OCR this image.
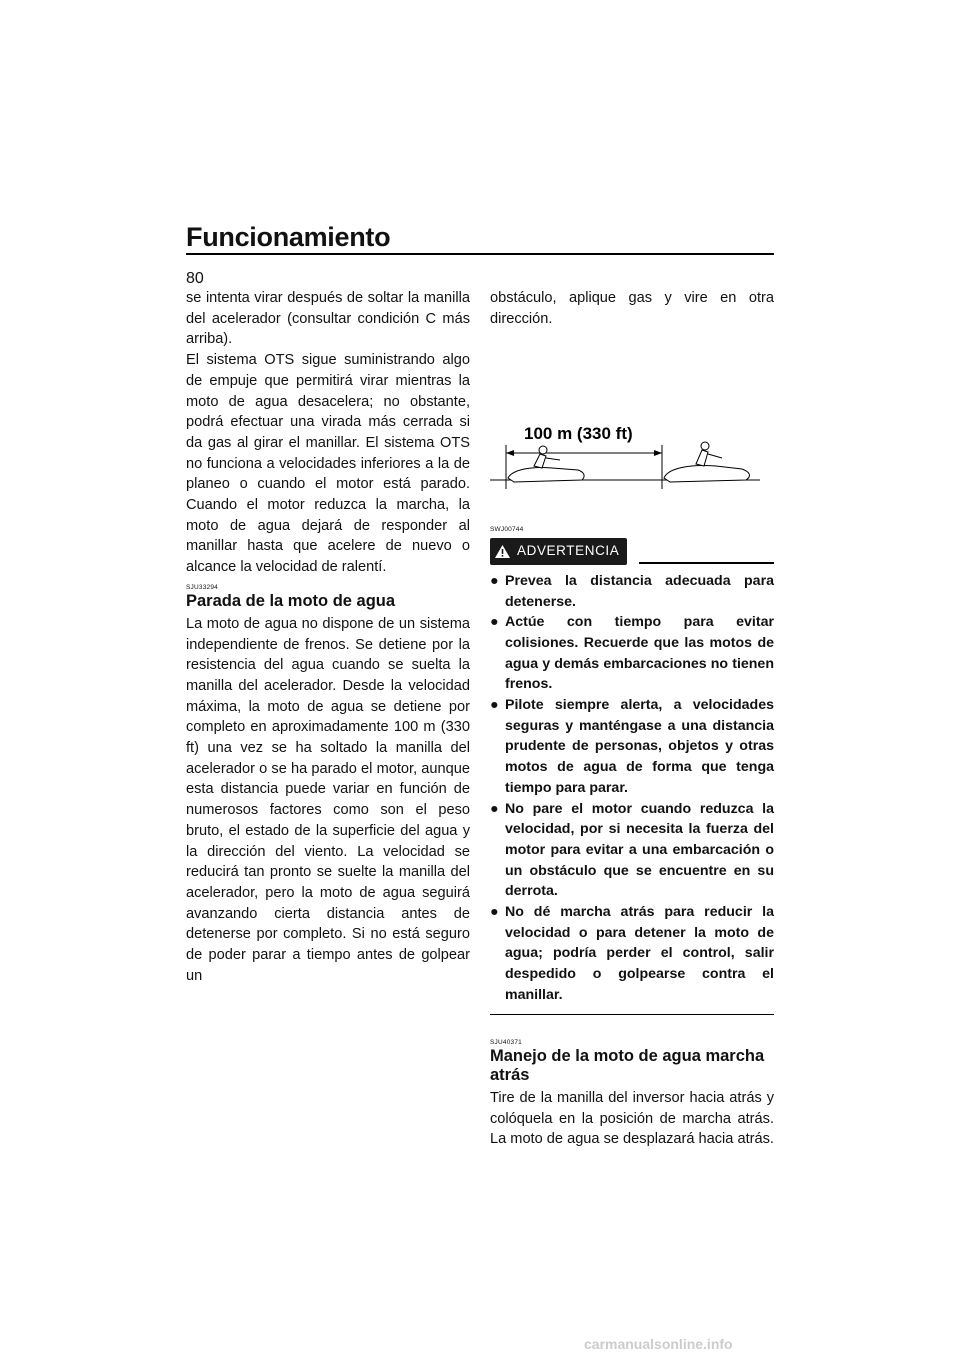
Funcionamiento
80

se intenta virar después de soltar la manilla del acelerador (consultar condición C más arriba).

El sistema OTS sigue suministrando algo de empuje que permitirá virar mientras la moto de agua desacelera; no obstante, podrá efectuar una virada más cerrada si da gas al girar el manillar. El sistema OTS no funciona a velocidades inferiores a la de planeo o cuando el motor está parado. Cuando el motor reduzca la marcha, la moto de agua dejará de responder al manillar hasta que acelere de nuevo o alcance la velocidad de ralentí.

SJU33294
Parada de la moto de agua

La moto de agua no dispone de un sistema independiente de frenos. Se detiene por la resistencia del agua cuando se suelta la manilla del acelerador. Desde la velocidad máxima, la moto de agua se detiene por completo en aproximadamente 100 m (330 ft) una vez se ha soltado la manilla del acelerador o se ha parado el motor, aunque esta distancia puede variar en función de numerosos factores como son el peso bruto, el estado de la superficie del agua y la dirección del viento. La velocidad se reducirá tan pronto se suelte la manilla del acelerador, pero la moto de agua seguirá avanzando cierta distancia antes de detenerse por completo. Si no está seguro de poder parar a tiempo antes de golpear un

obstáculo, aplique gas y vire en otra dirección.

100 m (330 ft)
SWJ00744
ADVERTENCIA
● Prevea la distancia adecuada para detenerse.
● Actúe con tiempo para evitar colisiones. Recuerde que las motos de agua y demás embarcaciones no tienen frenos.
● Pilote siempre alerta, a velocidades seguras y manténgase a una distancia prudente de personas, objetos y otras motos de agua de forma que tenga tiempo para parar.
● No pare el motor cuando reduzca la velocidad, por si necesita la fuerza del motor para evitar a una embarcación o un obstáculo que se encuentre en su derrota.
● No dé marcha atrás para reducir la velocidad o para detener la moto de agua; podría perder el control, salir despedido o golpearse contra el manillar.
SJU40371
Manejo de la moto de agua marcha atrás

Tire de la manilla del inversor hacia atrás y colóquela en la posición de marcha atrás. La moto de agua se desplazará hacia atrás.

carmanualsonline.info
